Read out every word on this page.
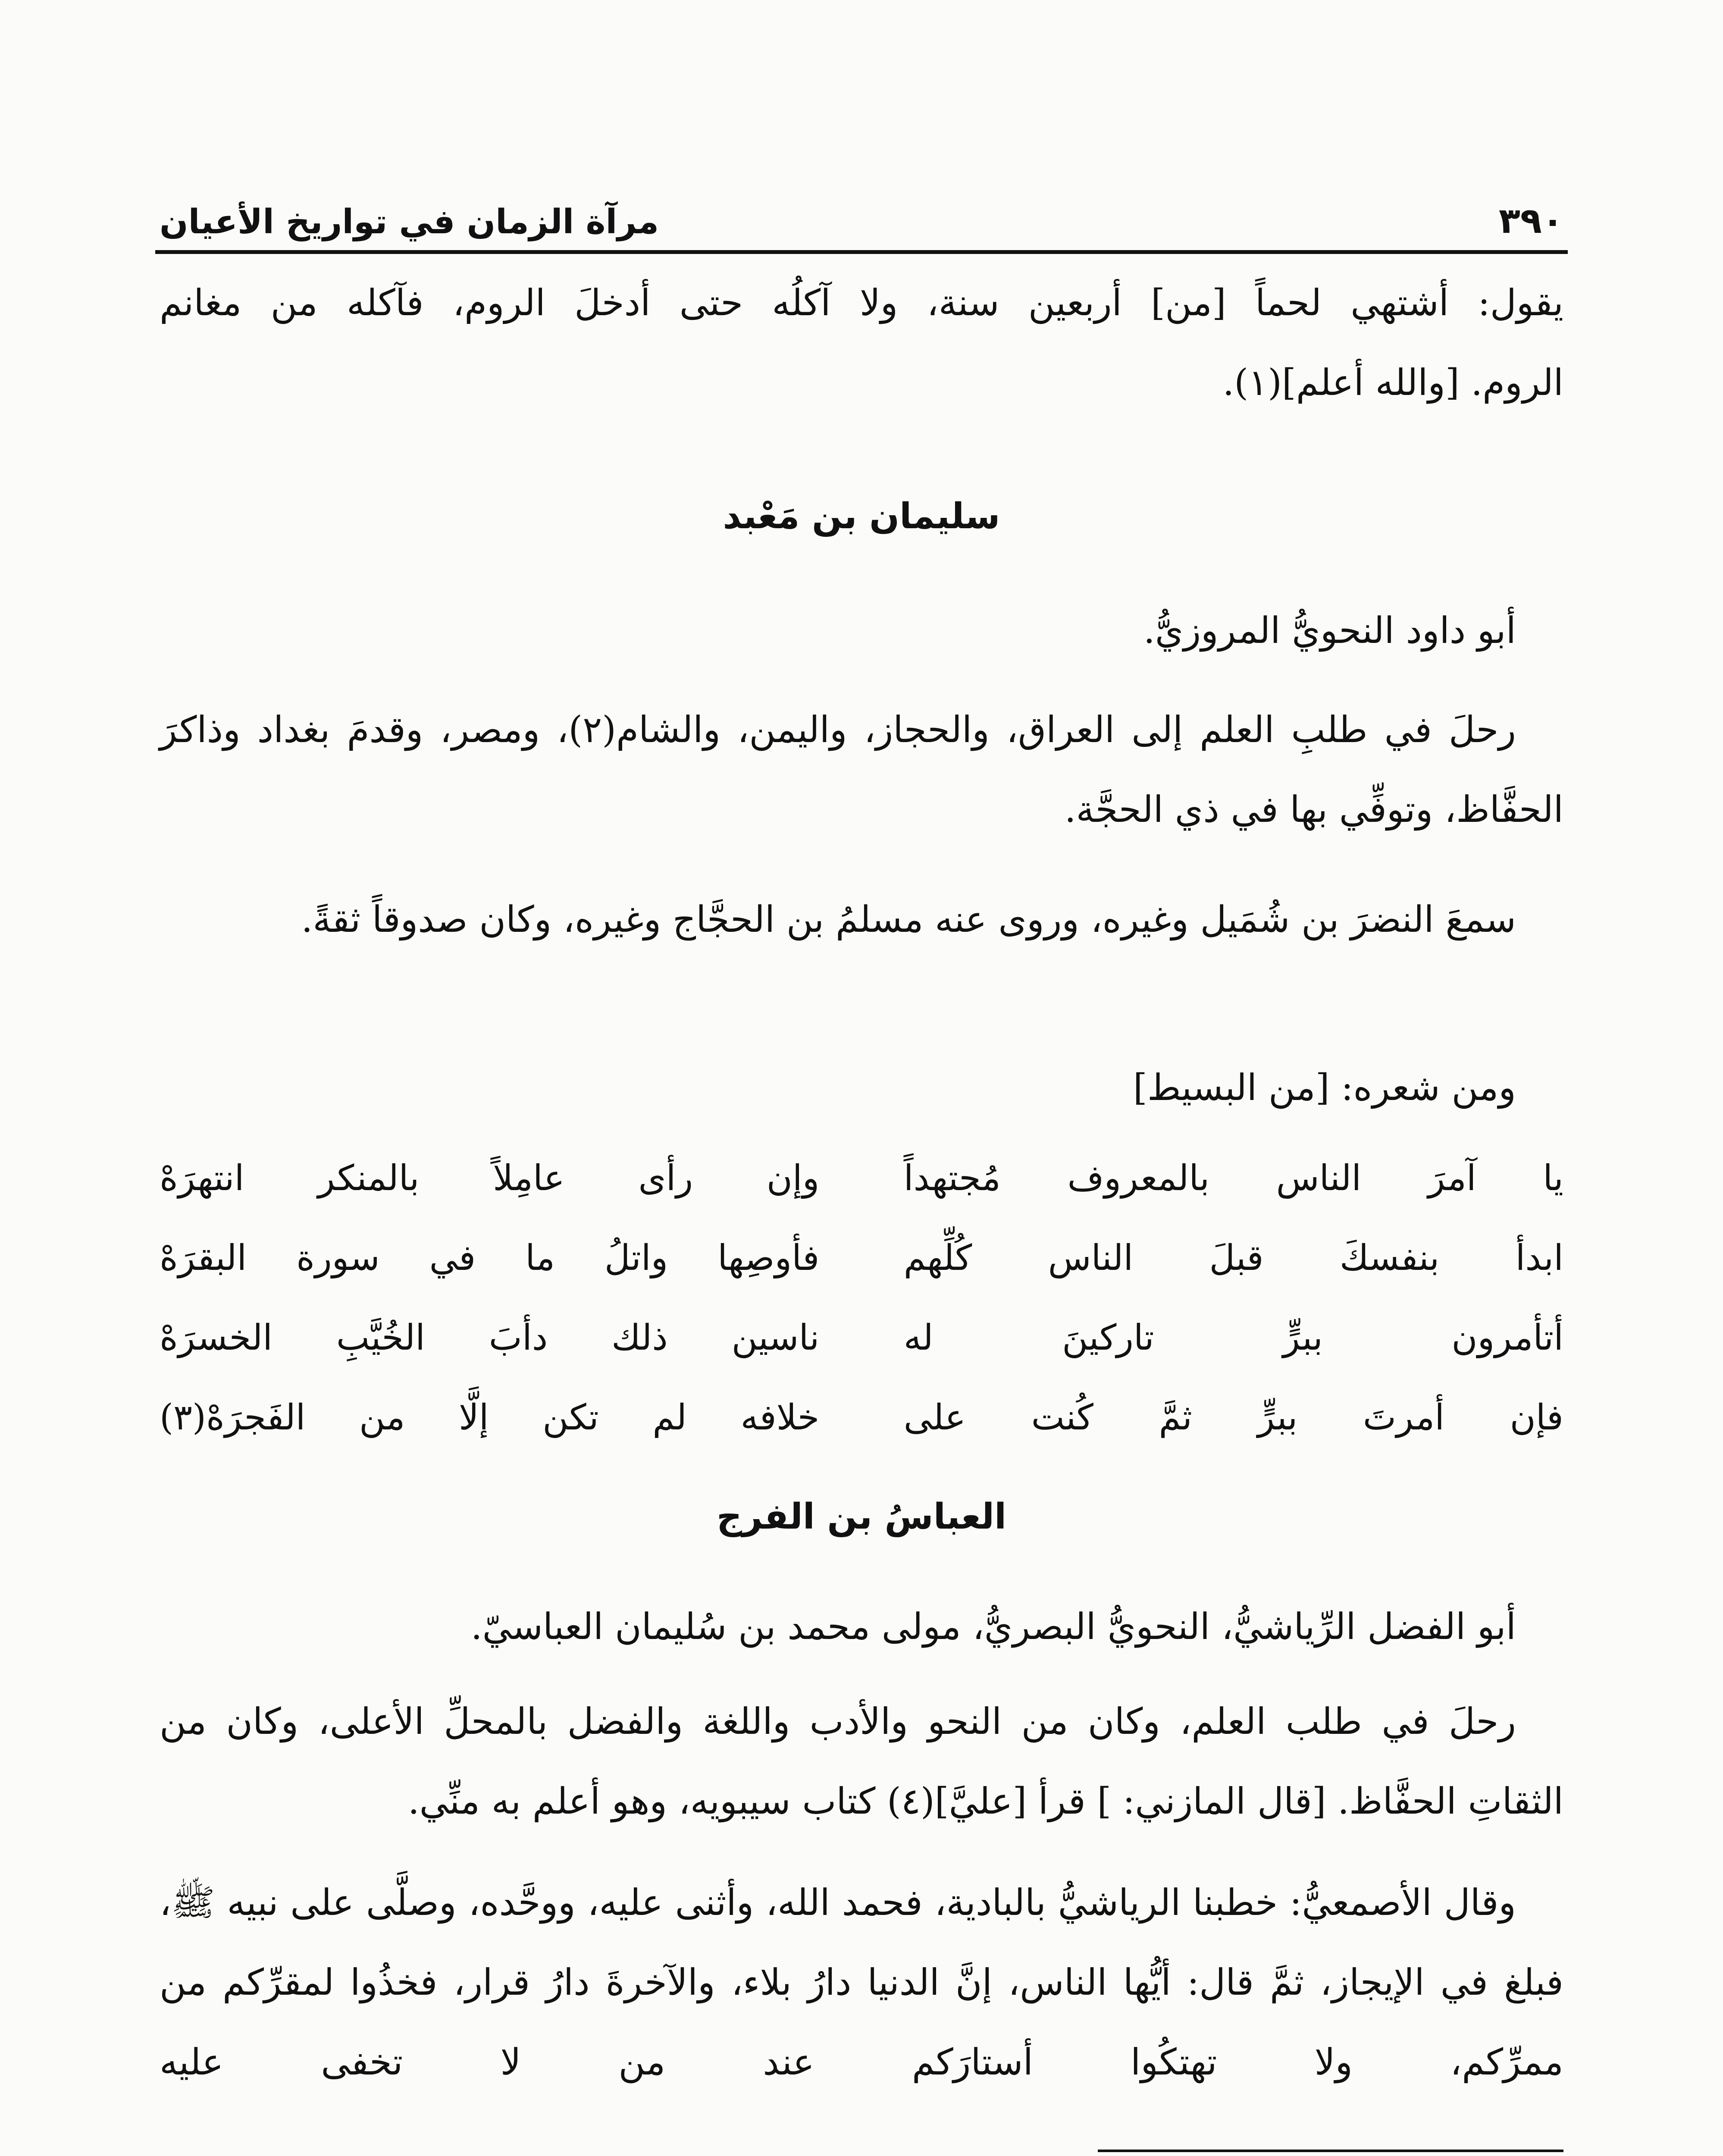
٣٩٠
مرآة الزمان في تواريخ الأعيان

يقول: أشتهي لحماً [من] أربعين سنة، ولا آكلُه حتى أدخلَ الروم، فآكله من مغانم

الروم. [والله أعلم](١).

سليمان بن مَعْبد

أبو داود النحويُّ المروزيُّ.

رحلَ في طلبِ العلم إلى العراق، والحجاز، واليمن، والشام(٢)، ومصر، وقدمَ بغداد وذاكرَ الحفَّاظ، وتوفِّي بها في ذي الحجَّة.

سمعَ النضرَ بن شُمَيل وغيره، وروى عنه مسلمُ بن الحجَّاج وغيره، وكان صدوقاً ثقةً.

ومن شعره: [من البسيط]

يا آمرَ الناس بالمعروف مُجتهداً
وإن رأى عامِلاً بالمنكر انتهرَهْ
ابدأ بنفسكَ قبلَ الناس كُلِّهم
فأوصِها واتلُ ما في سورة البقرَهْ
أتأمرون ببرٍّ تاركينَ له
ناسين ذلك دأبَ الخُيَّبِ الخسرَهْ
فإن أمرتَ ببرٍّ ثمَّ كُنت على
خلافه لم تكن إلَّا من الفَجرَهْ(٣)
العباسُ بن الفرج

أبو الفضل الرِّياشيُّ، النحويُّ البصريُّ، مولى محمد بن سُليمان العباسيّ.

رحلَ في طلب العلم، وكان من النحو والأدب واللغة والفضل بالمحلِّ الأعلى، وكان من الثقاتِ الحفَّاظ. [قال المازني: ] قرأ [عليَّ](٤) كتاب سيبويه، وهو أعلم به منِّي.

وقال الأصمعيُّ: خطبنا الرياشيُّ بالبادية، فحمد الله، وأثنى عليه، ووحَّده، وصلَّى على نبيه ﷺ، فبلغ في الإيجاز، ثمَّ قال: أيُّها الناس، إنَّ الدنيا دارُ بلاء، والآخرةَ دارُ قرار، فخذُوا لمقرِّكم من ممرِّكم، ولا تهتكُوا أستارَكم عند من لا تخفى عليه
